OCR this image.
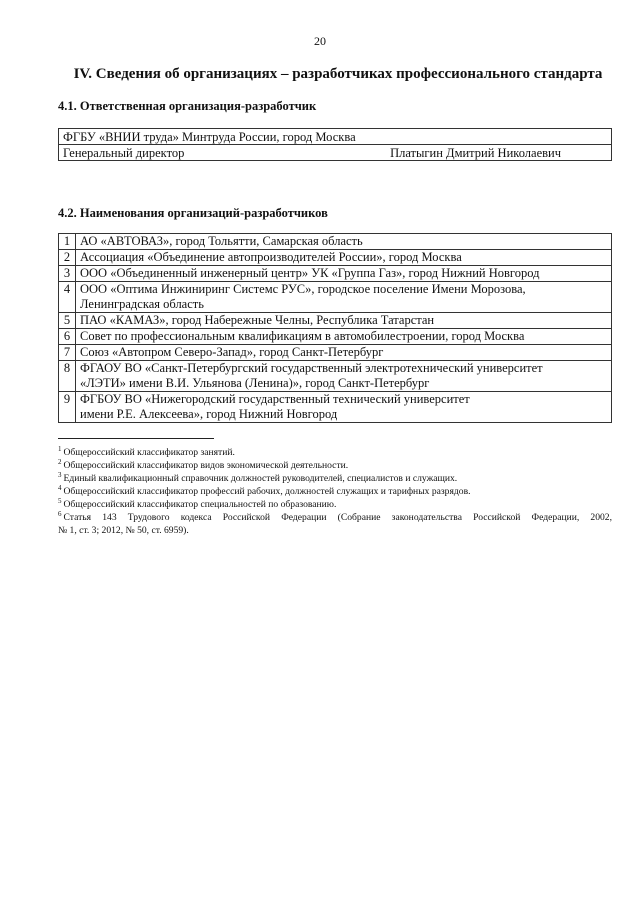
20
IV. Сведения об организациях – разработчиках профессионального стандарта
4.1. Ответственная организация-разработчик
ФГБУ «ВНИИ труда» Минтруда России, город Москва
Генеральный директор	Платыгин Дмитрий Николаевич
4.2. Наименования организаций-разработчиков
1	АО «АВТОВАЗ», город Тольятти, Самарская область

2	Ассоциация «Объединение автопроизводителей России», город Москва

3	ООО «Объединенный инженерный центр» УК «Группа Газ», город Нижний Новгород

4	ООО «Оптима Инжиниринг Системс РУС», городское поселение Имени Морозова,
Ленинградская область

5	ПАО «КАМАЗ», город Набережные Челны, Республика Татарстан

6	Совет по профессиональным квалификациям в автомобилестроении, город Москва

7	Союз «Автопром Северо-Запад», город Санкт-Петербург

8	ФГАОУ ВО «Санкт-Петербургский государственный электротехнический университет
«ЛЭТИ» имени В.И. Ульянова (Ленина)», город Санкт-Петербург

9	ФГБОУ ВО «Нижегородский государственный технический университет
имени Р.Е. Алексеева», город Нижний Новгород
$^1$ Общероссийский классификатор занятий.
$^2$ Общероссийский классификатор видов экономической деятельности.
$^3$ Единый квалификационный справочник должностей руководителей, специалистов и служащих.
$^4$ Общероссийский классификатор профессий рабочих, должностей служащих и тарифных разрядов.
$^5$ Общероссийский классификатор специальностей по образованию.
$^6$ Статья 143 Трудового кодекса Российской Федерации (Собрание законодательства Российской Федерации, 2002,
№ 1, ст. 3; 2012, № 50, ст. 6959).
